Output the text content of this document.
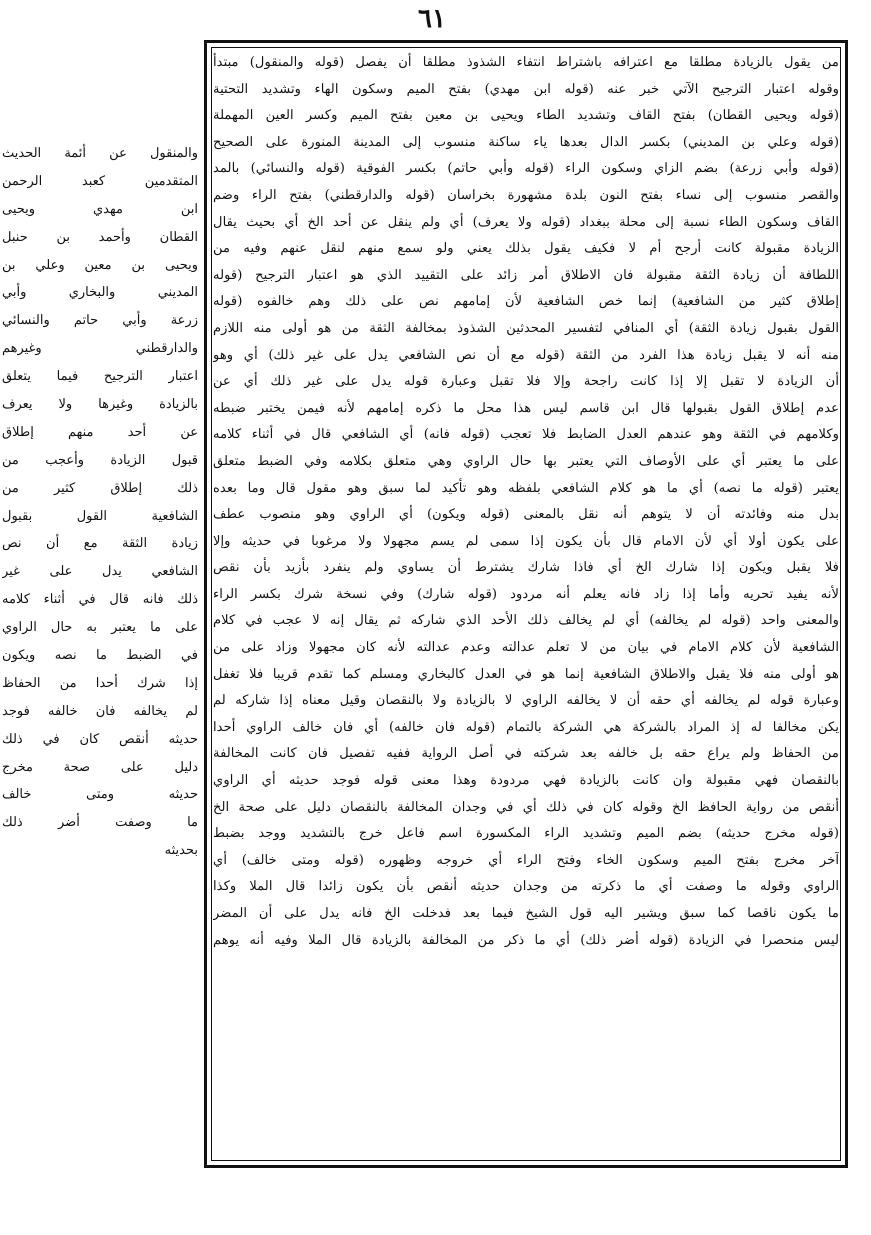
٦١
من يقول بالزيادة مطلقا مع اعترافه باشتراط انتفاء الشذوذ مطلقا أن يفصل (قوله والمنقول) مبتدأ
وقوله اعتبار الترجيح الآتي خبر عنه (قوله ابن مهدي) بفتح الميم وسكون الهاء وتشديد التحتية
(قوله ويحيى القطان) بفتح القاف وتشديد الطاء ويحيى بن معين بفتح الميم وكسر العين المهملة
(قوله وعلي بن المديني) بكسر الدال بعدها ياء ساكنة منسوب إلى المدينة المنورة على الصحيح
(قوله وأبي زرعة) بضم الزاي وسكون الراء (قوله وأبي حاتم) بكسر الفوقية (قوله والنسائي) بالمد
والقصر منسوب إلى نساء بفتح النون بلدة مشهورة بخراسان (قوله والدارقطني) بفتح الراء وضم
القاف وسكون الطاء نسبة إلى محلة ببغداد (قوله ولا يعرف) أي ولم ينقل عن أحد الخ أي بحيث يقال
الزيادة مقبولة كانت أرجح أم لا فكيف يقول بذلك يعني ولو سمع منهم لنقل عنهم وفيه من
اللطافة أن زيادة الثقة مقبولة فان الاطلاق أمر زائد على التقييد الذي هو اعتبار الترجيح (قوله
إطلاق كثير من الشافعية) إنما خص الشافعية لأن إمامهم نص على ذلك وهم خالفوه (قوله
القول بقبول زيادة الثقة) أي المنافي لتفسير المحدثين الشذوذ بمخالفة الثقة من هو أولى منه اللازم
منه أنه لا يقبل زيادة هذا الفرد من الثقة (قوله مع أن نص الشافعي يدل على غير ذلك) أي وهو
أن الزيادة لا تقبل إلا إذا كانت راجحة وإلا فلا تقبل وعبارة قوله يدل على غير ذلك أي عن
عدم إطلاق القول بقبولها قال ابن قاسم ليس هذا محل ما ذكره إمامهم لأنه فيمن يختبر ضبطه
وكلامهم في الثقة وهو عندهم العدل الضابط فلا تعجب (قوله فانه) أي الشافعي قال في أثناء كلامه
على ما يعتبر أي على الأوصاف التي يعتبر بها حال الراوي وهي متعلق بكلامه وفي الضبط متعلق
يعتبر (قوله ما نصه) أي ما هو كلام الشافعي بلفظه وهو تأكيد لما سبق وهو مقول قال وما بعده
بدل منه وفائدته أن لا يتوهم أنه نقل بالمعنى (قوله ويكون) أي الراوي وهو منصوب عطف
على يكون أولا أي لأن الامام قال بأن يكون إذا سمى لم يسم مجهولا ولا مرغوبا في حديثه وإلا
فلا يقبل ويكون إذا شارك الخ أي فاذا شارك يشترط أن يساوي ولم ينفرد بأزيد بأن نقص
لأنه يفيد تحريه وأما إذا زاد فانه يعلم أنه مردود (قوله شارك) وفي نسخة شرك بكسر الراء
والمعنى واحد (قوله لم يخالفه) أي لم يخالف ذلك الأحد الذي شاركه ثم يقال إنه لا عجب في كلام
الشافعية لأن كلام الامام في بيان من لا تعلم عدالته وعدم عدالته لأنه كان مجهولا وزاد على من
هو أولى منه فلا يقبل والاطلاق الشافعية إنما هو في العدل كالبخاري ومسلم كما تقدم قريبا فلا تغفل
وعبارة قوله لم يخالفه أي حقه أن لا يخالفه الراوي لا بالزيادة ولا بالنقصان وقيل معناه إذا شاركه لم
يكن مخالفا له إذ المراد بالشركة هي الشركة بالتمام (قوله فان خالفه) أي فان خالف الراوي أحدا
من الحفاظ ولم يراع حقه بل خالفه بعد شركته في أصل الرواية ففيه تفصيل فان كانت المخالفة
بالنقصان فهي مقبولة وان كانت بالزيادة فهي مردودة وهذا معنى قوله فوجد حديثه أي الراوي
أنقص من رواية الحافظ الخ وقوله كان في ذلك أي في وجدان المخالفة بالنقصان دليل على صحة الخ
(قوله مخرج حديثه) بضم الميم وتشديد الراء المكسورة اسم فاعل خرج بالتشديد ووجد بضبط
آخر مخرج بفتح الميم وسكون الخاء وفتح الراء أي خروجه وظهوره (قوله ومتى خالف) أي
الراوي وقوله ما وصفت أي ما ذكرته من وجدان حديثه أنقص بأن يكون زائدا قال الملا وكذا
ما يكون ناقصا كما سبق ويشير اليه قول الشيخ فيما بعد فدخلت الخ فانه يدل على أن المضر
ليس منحصرا في الزيادة (قوله أضر ذلك) أي ما ذكر من المخالفة بالزيادة قال الملا وفيه أنه يوهم
والمنقول عن أئمة الحديث
المتقدمين كعبد الرحمن
ابن مهدي ويحيى
القطان وأحمد بن حنبل
ويحيى بن معين وعلي بن
المديني والبخاري وأبي
زرعة وأبي حاتم والنسائي
والدارقطني وغيرهم
اعتبار الترجيح فيما يتعلق
بالزيادة وغيرها ولا يعرف
عن أحد منهم إطلاق
قبول الزيادة وأعجب من
ذلك إطلاق كثير من
الشافعية القول بقبول
زيادة الثقة مع أن نص
الشافعي يدل على غير
ذلك فانه قال في أثناء كلامه
على ما يعتبر به حال الراوي
في الضبط ما نصه ويكون
إذا شرك أحدا من الحفاظ
لم يخالفه فان خالفه فوجد
حديثه أنقص كان في ذلك
دليل على صحة مخرج
حديثه ومتى خالف
ما وصفت أضر ذلك
بحديثه
